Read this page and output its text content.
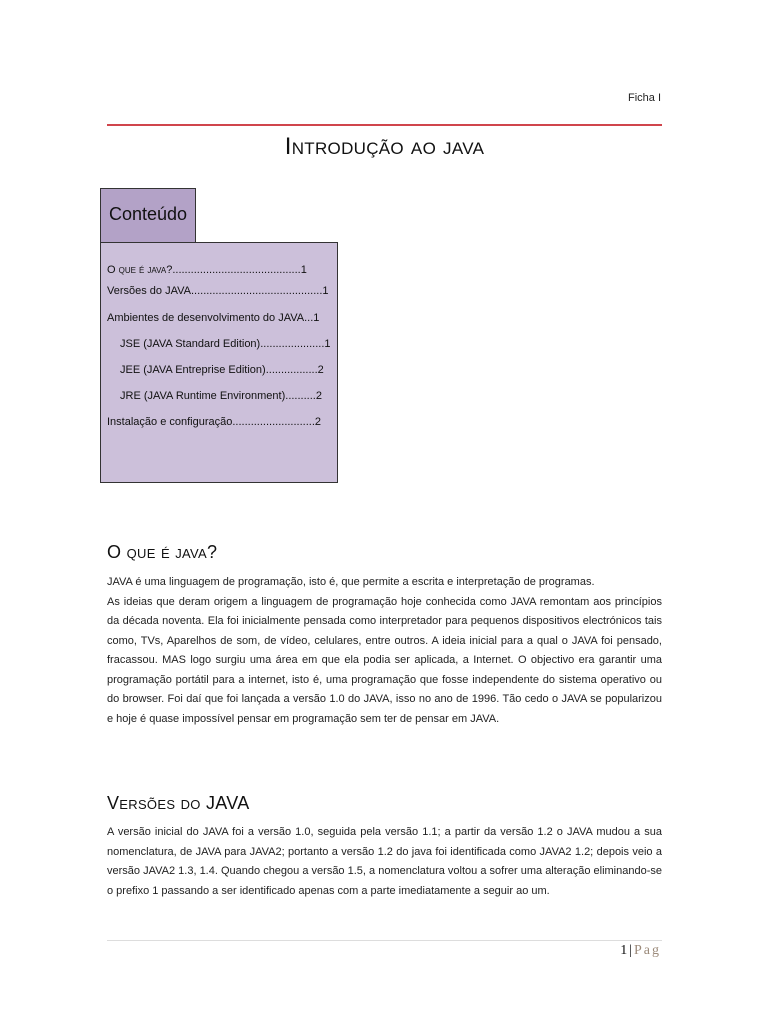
Ficha I
Introdução ao java
Conteúdo
O que é java?..........................................1
Versões do JAVA...........................................1
Ambientes de desenvolvimento do JAVA...1
JSE (JAVA Standard Edition).....................1
JEE (JAVA Entreprise Edition).................2
JRE (JAVA Runtime Environment)..........2
Instalação e configuração...........................2
O que é java?

JAVA é uma linguagem de programação, isto é, que permite a escrita e interpretação de programas.

As ideias que deram origem a linguagem de programação hoje conhecida como JAVA remontam aos princípios da década noventa. Ela foi inicialmente pensada como interpretador para pequenos dispositivos electrónicos tais como, TVs, Aparelhos de som, de vídeo, celulares, entre outros. A ideia inicial para a qual o JAVA foi pensado, fracassou. MAS logo surgiu uma área em que ela podia ser aplicada, a Internet. O objectivo era garantir uma programação portátil para a internet, isto é, uma programação que fosse independente do sistema operativo ou do browser. Foi daí que foi lançada a versão 1.0 do JAVA, isso no ano de 1996. Tão cedo o JAVA se popularizou e hoje é quase impossível pensar em programação sem ter de pensar em JAVA.

Versões do JAVA

A versão inicial do JAVA foi a versão 1.0, seguida pela versão 1.1; a partir da versão 1.2 o JAVA mudou a sua nomenclatura, de JAVA para JAVA2; portanto a versão 1.2 do java foi identificada como JAVA2 1.2; depois veio a versão JAVA2 1.3, 1.4. Quando chegou a versão 1.5, a nomenclatura voltou a sofrer uma alteração eliminando-se o prefixo 1 passando a ser identificado apenas com a parte imediatamente a seguir ao um.

1 | Pag
